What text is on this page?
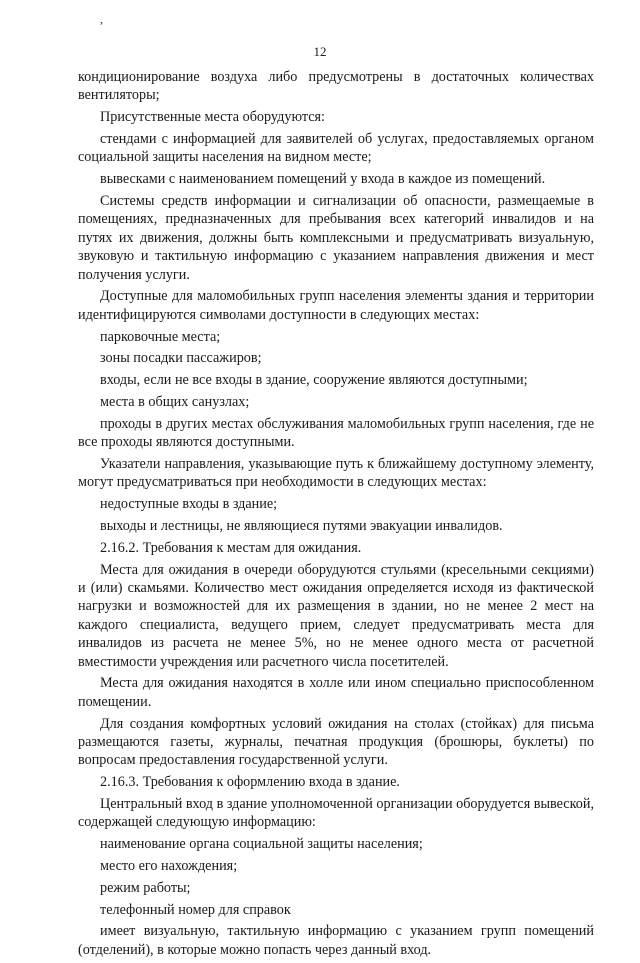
,
12

кондиционирование воздуха либо предусмотрены в достаточных количествах вентиляторы;

Присутственные места оборудуются:

стендами с информацией для заявителей об услугах, предоставляемых органом социальной защиты населения на видном месте;

вывесками с наименованием помещений у входа в каждое из помещений.

Системы средств информации и сигнализации об опасности, размещаемые в помещениях, предназначенных для пребывания всех категорий инвалидов и на путях их движения, должны быть комплексными и предусматривать визуальную, звуковую и тактильную информацию с указанием направления движения и мест получения услуги.

Доступные для маломобильных групп населения элементы здания и территории идентифицируются символами доступности в следующих местах:

парковочные места;

зоны посадки пассажиров;

входы, если не все входы в здание, сооружение являются доступными;

места в общих санузлах;

проходы в других местах обслуживания маломобильных групп населения, где не все проходы являются доступными.

Указатели направления, указывающие путь к ближайшему доступному элементу, могут предусматриваться при необходимости в следующих местах:

недоступные входы в здание;

выходы и лестницы, не являющиеся путями эвакуации инвалидов.

2.16.2. Требования к местам для ожидания.

Места для ожидания в очереди оборудуются стульями (кресельными секциями) и (или) скамьями. Количество мест ожидания определяется исходя из фактической нагрузки и возможностей для их размещения в здании, но не менее 2 мест на каждого специалиста, ведущего прием, следует предусматривать места для инвалидов из расчета не менее 5%, но не менее одного места от расчетной вместимости учреждения или расчетного числа посетителей.

Места для ожидания находятся в холле или ином специально приспособленном помещении.

Для создания комфортных условий ожидания на столах (стойках) для письма размещаются газеты, журналы, печатная продукция (брошюры, буклеты) по вопросам предоставления государственной услуги.

2.16.3. Требования к оформлению входа в здание.

Центральный вход в здание уполномоченной организации оборудуется вывеской, содержащей следующую информацию:

наименование органа социальной защиты населения;

место его нахождения;

режим работы;

телефонный номер для справок

имеет визуальную, тактильную информацию с указанием групп помещений (отделений), в которые можно попасть через данный вход.
